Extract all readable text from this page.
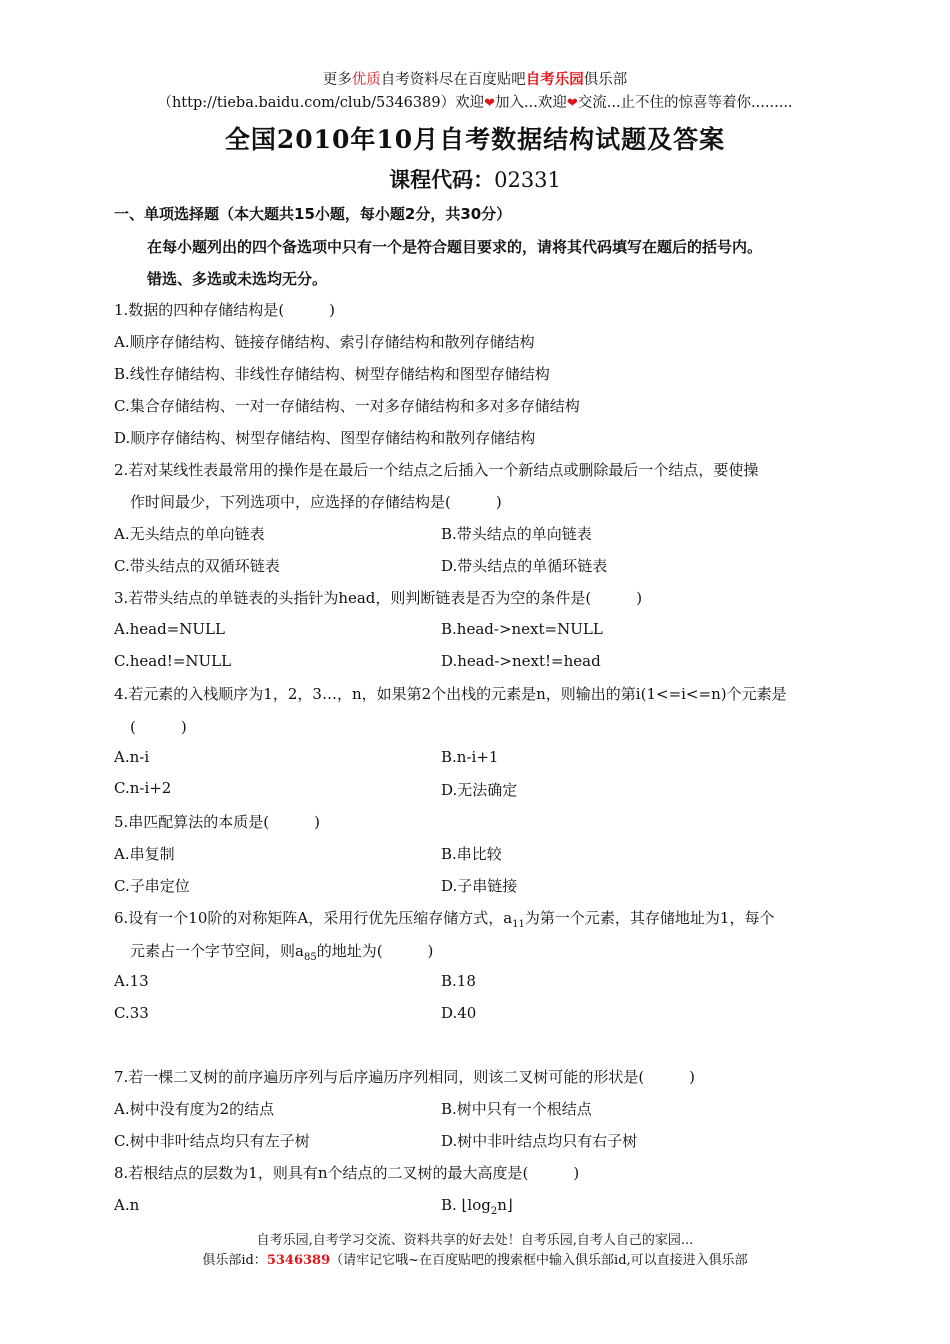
更多优质自考资料尽在百度贴吧自考乐园俱乐部
（http://tieba.baidu.com/club/5346389）欢迎❤加入...欢迎❤交流...止不住的惊喜等着你.........
全国2010年10月自考数据结构试题及答案
课程代码：02331
一、单项选择题（本大题共15小题，每小题2分，共30分）
在每小题列出的四个备选项中只有一个是符合题目要求的，请将其代码填写在题后的括号内。
错选、多选或未选均无分。
1.数据的四种存储结构是(　　　)
A.顺序存储结构、链接存储结构、索引存储结构和散列存储结构
B.线性存储结构、非线性存储结构、树型存储结构和图型存储结构
C.集合存储结构、一对一存储结构、一对多存储结构和多对多存储结构
D.顺序存储结构、树型存储结构、图型存储结构和散列存储结构
2.若对某线性表最常用的操作是在最后一个结点之后插入一个新结点或删除最后一个结点，要使操
作时间最少，下列选项中，应选择的存储结构是(　　　)
A.无头结点的单向链表	B.带头结点的单向链表
C.带头结点的双循环链表	D.带头结点的单循环链表
3.若带头结点的单链表的头指针为head，则判断链表是否为空的条件是(　　　)
A.head=NULL	B.head->next=NULL
C.head!=NULL	D.head->next!=head
4.若元素的入栈顺序为1，2，3…，n，如果第2个出栈的元素是n，则输出的第i(1<=i<=n)个元素是
(　　　)
A.n-i	B.n-i+1
C.n-i+2	D.无法确定
5.串匹配算法的本质是(　　　)
A.串复制	B.串比较
C.子串定位	D.子串链接
6.设有一个10阶的对称矩阵A，采用行优先压缩存储方式，$a_{11}$为第一个元素，其存储地址为1，每个
元素占一个字节空间，则$a_{85}$的地址为(　　　)
A.13	B.18
C.33	D.40
7.若一棵二叉树的前序遍历序列与后序遍历序列相同，则该二叉树可能的形状是(　　　)
A.树中没有度为2的结点	B.树中只有一个根结点
C.树中非叶结点均只有左子树	D.树中非叶结点均只有右子树
8.若根结点的层数为1，则具有n个结点的二叉树的最大高度是(　　　)
A.n	B. $⌊\log_2n⌋$
自考乐园,自考学习交流、资料共享的好去处！自考乐园,自考人自己的家园...
俱乐部id：5346389（请牢记它哦~在百度贴吧的搜索框中输入俱乐部id,可以直接进入俱乐部
